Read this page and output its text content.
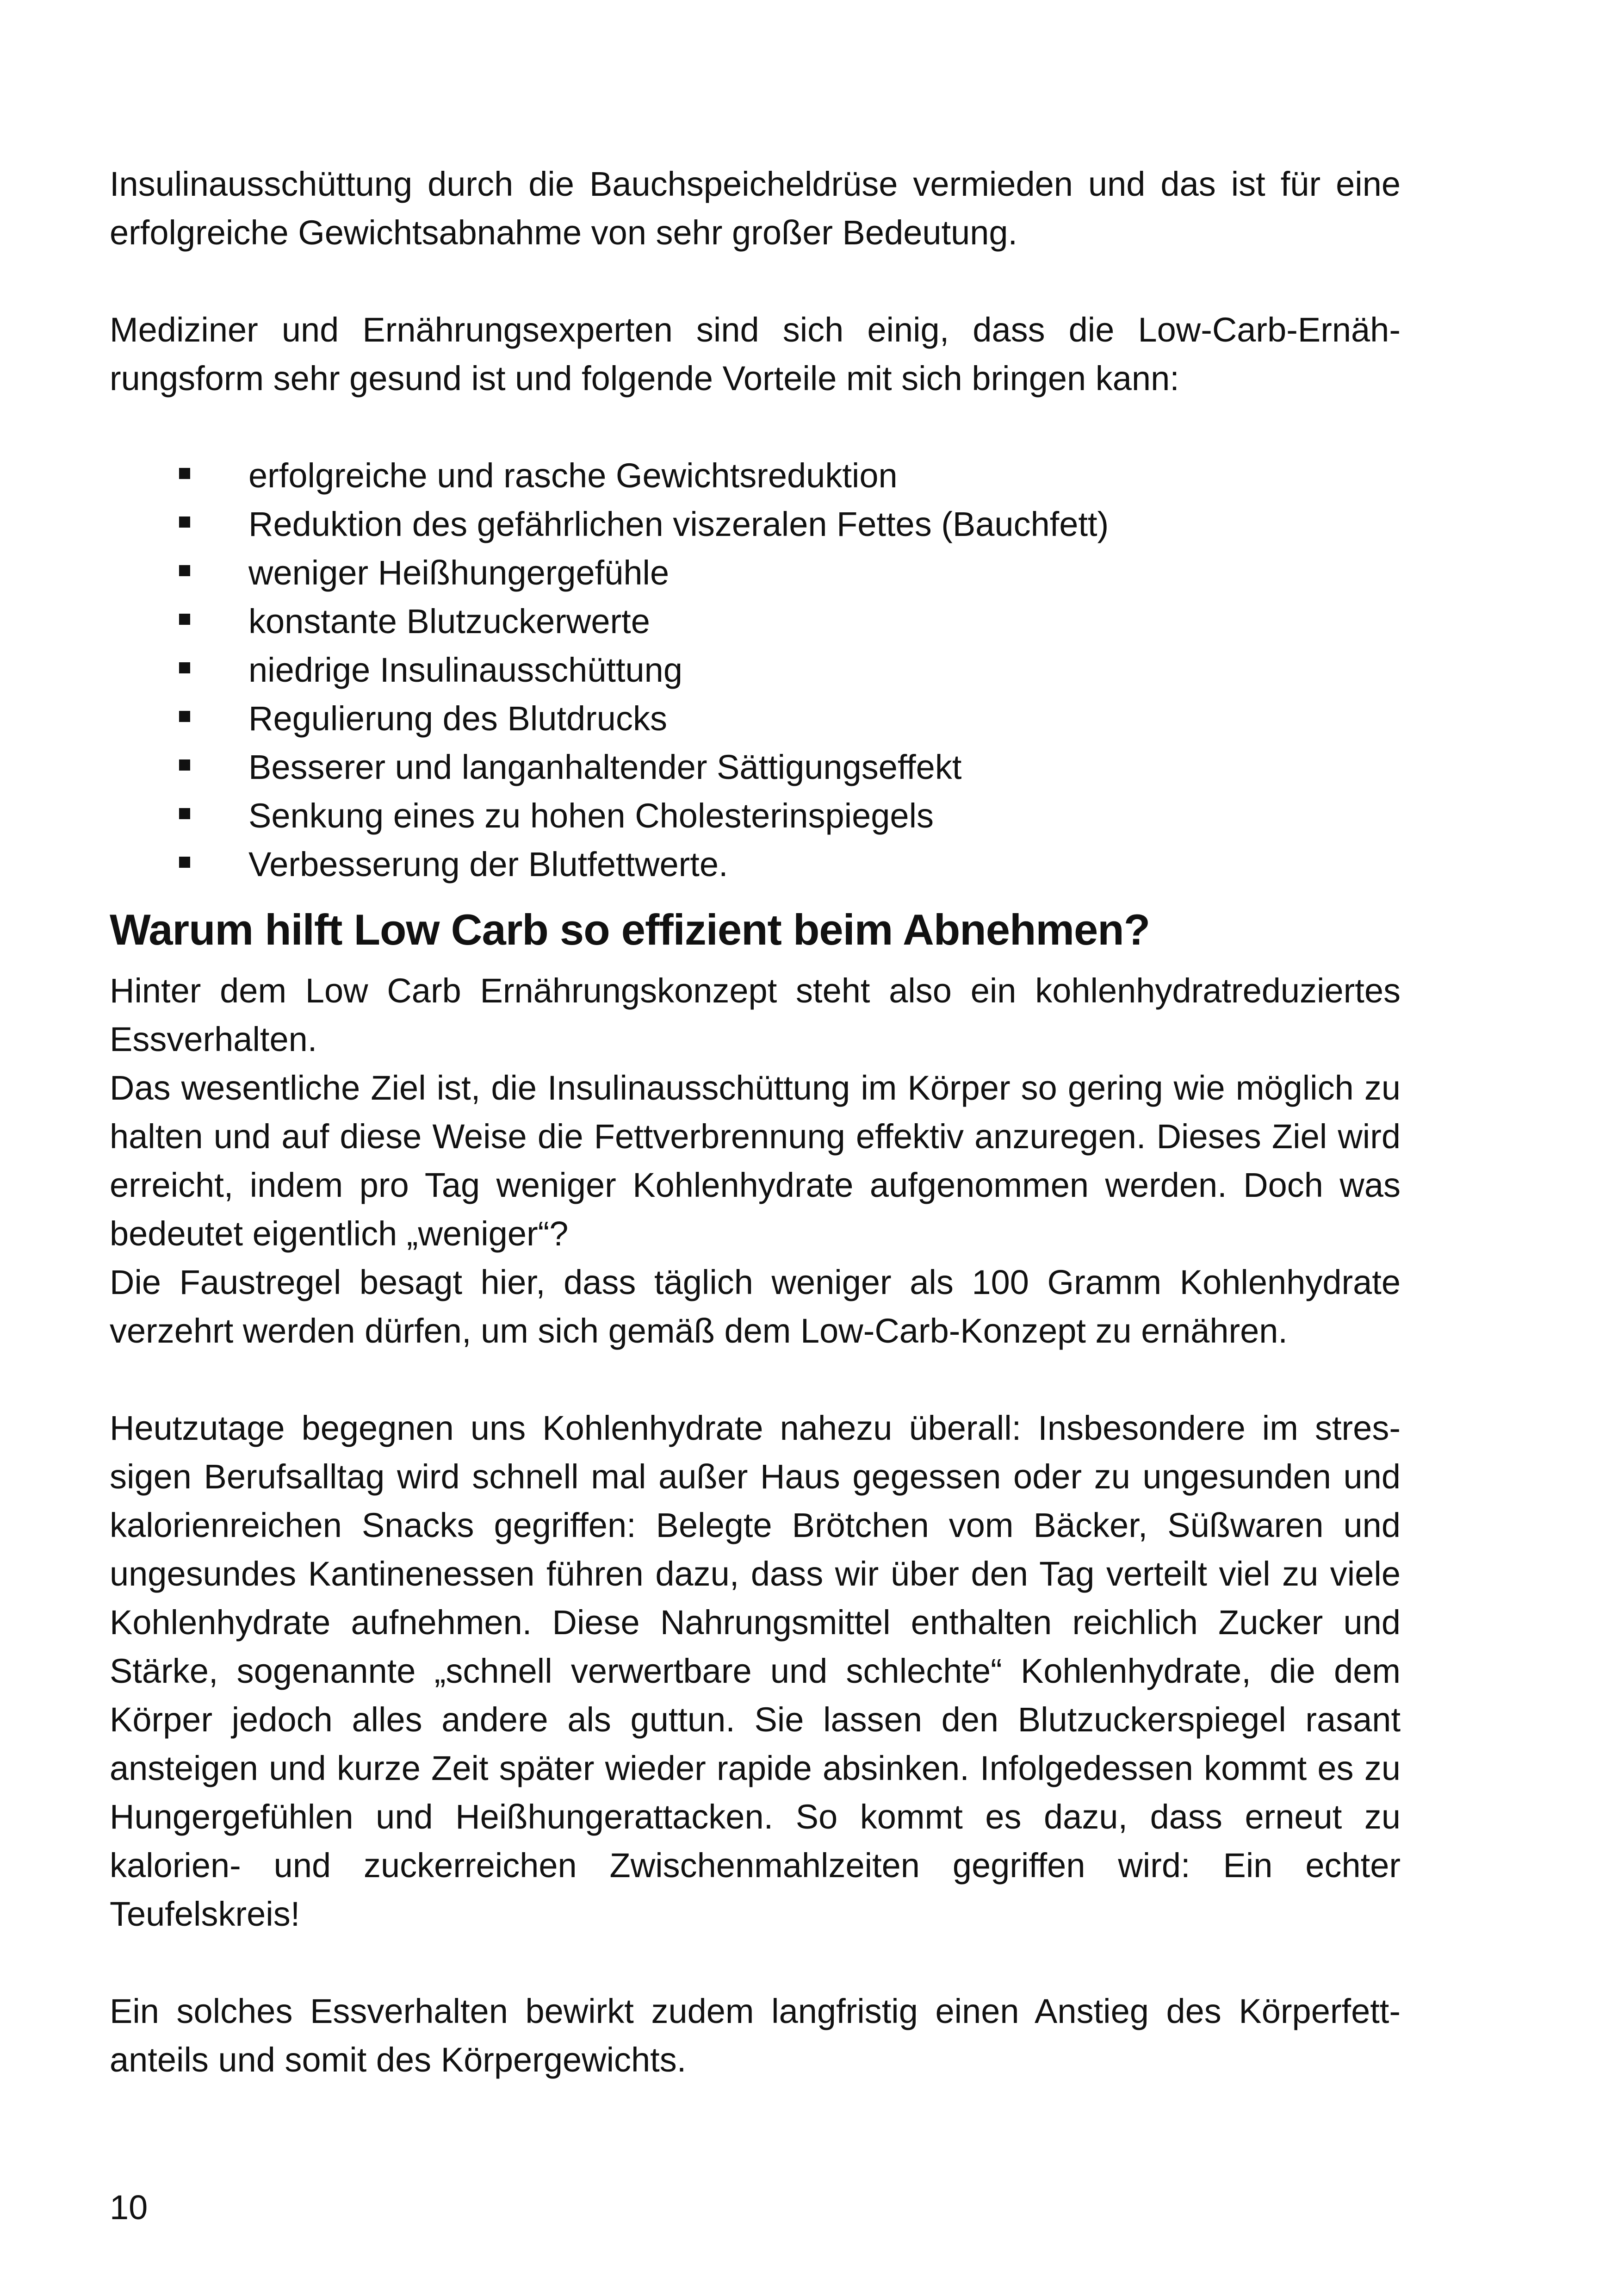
Insulinausschüttung durch die Bauchspeicheldrüse vermieden und das ist für eine erfolgreiche Gewichtsabnahme von sehr großer Bedeutung.

Mediziner und Ernährungsexperten sind sich einig, dass die Low-Carb-Ernährungsform sehr gesund ist und folgende Vorteile mit sich bringen kann:

erfolgreiche und rasche Gewichtsreduktion
Reduktion des gefährlichen viszeralen Fettes (Bauchfett)
weniger Heißhungergefühle
konstante Blutzuckerwerte
niedrige Insulinausschüttung
Regulierung des Blutdrucks
Besserer und langanhaltender Sättigungseffekt
Senkung eines zu hohen Cholesterinspiegels
Verbesserung der Blutfettwerte.
Warum hilft Low Carb so effizient beim Abnehmen?

Hinter dem Low Carb Ernährungskonzept steht also ein kohlenhydratreduziertes Essverhalten.

Das wesentliche Ziel ist, die Insulinausschüttung im Körper so gering wie möglich zu halten und auf diese Weise die Fettverbrennung effektiv anzuregen. Dieses Ziel wird erreicht, indem pro Tag weniger Kohlenhydrate aufgenommen werden. Doch was bedeutet eigentlich „weniger“?

Die Faustregel besagt hier, dass täglich weniger als 100 Gramm Kohlenhydrate verzehrt werden dürfen, um sich gemäß dem Low-Carb-Konzept zu ernähren.

Heutzutage begegnen uns Kohlenhydrate nahezu überall: Insbesondere im stressigen Berufsalltag wird schnell mal außer Haus gegessen oder zu ungesunden und kalorienreichen Snacks gegriffen: Belegte Brötchen vom Bäcker, Süßwaren und ungesundes Kantinenessen führen dazu, dass wir über den Tag verteilt viel zu viele Kohlenhydrate aufnehmen. Diese Nahrungsmittel enthalten reichlich Zucker und Stärke, sogenannte „schnell verwertbare und schlechte“ Kohlenhydrate, die dem Körper jedoch alles andere als guttun. Sie lassen den Blutzuckerspiegel rasant ansteigen und kurze Zeit später wieder rapide absinken. Infolgedessen kommt es zu Hungergefühlen und Heißhungerattacken. So kommt es dazu, dass erneut zu kalorien- und zuckerreichen Zwischenmahlzeiten gegriffen wird: Ein echter Teufelskreis!

Ein solches Essverhalten bewirkt zudem langfristig einen Anstieg des Körperfettanteils und somit des Körpergewichts.

10
